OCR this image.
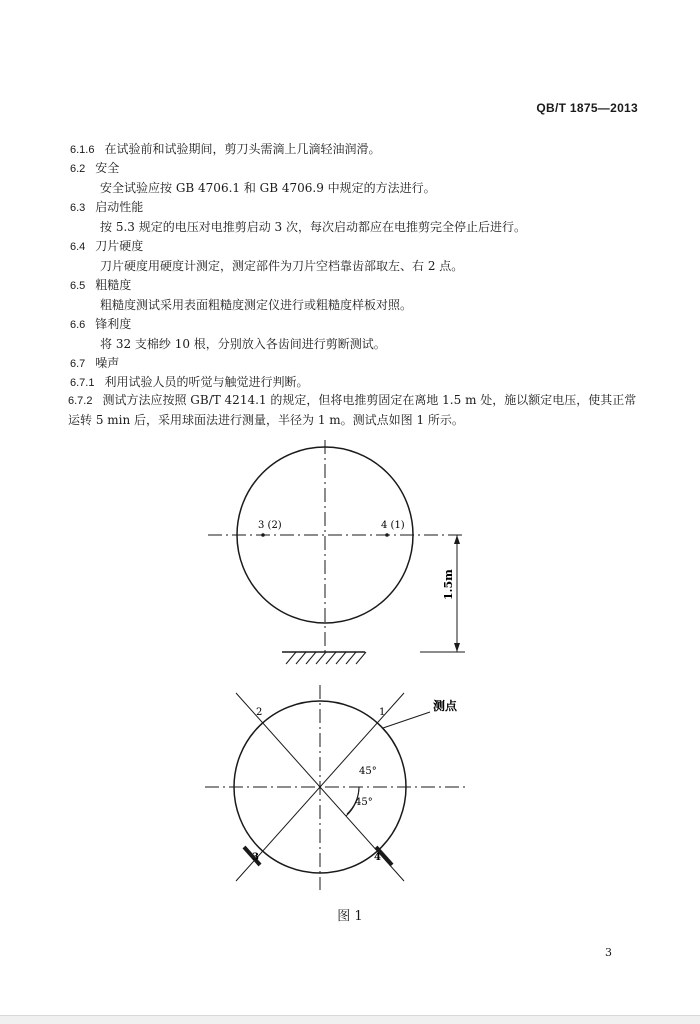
QB/T 1875—2013
6.1.6 在试验前和试验期间，剪刀头需滴上几滴轻油润滑。
6.2 安全
安全试验应按 GB 4706.1 和 GB 4706.9 中规定的方法进行。
6.3 启动性能
按 5.3 规定的电压对电推剪启动 3 次，每次启动都应在电推剪完全停止后进行。
6.4 刀片硬度
刀片硬度用硬度计测定，测定部件为刀片空档靠齿部取左、右 2 点。
6.5 粗糙度
粗糙度测试采用表面粗糙度测定仪进行或粗糙度样板对照。
6.6 锋利度
将 32 支棉纱 10 根，分别放入各齿间进行剪断测试。
6.7 噪声
6.7.1 利用试验人员的听觉与触觉进行判断。
6.7.2 测试方法应按照 GB/T 4214.1 的规定，但将电推剪固定在离地 1.5 m 处，施以额定电压，使其正常运转 5 min 后，采用球面法进行测量，半径为 1 m。测试点如图 1 所示。
3 (2)	4 (1)
1.5m
45°
45°
2	1
3	4
测点
图 1
3
